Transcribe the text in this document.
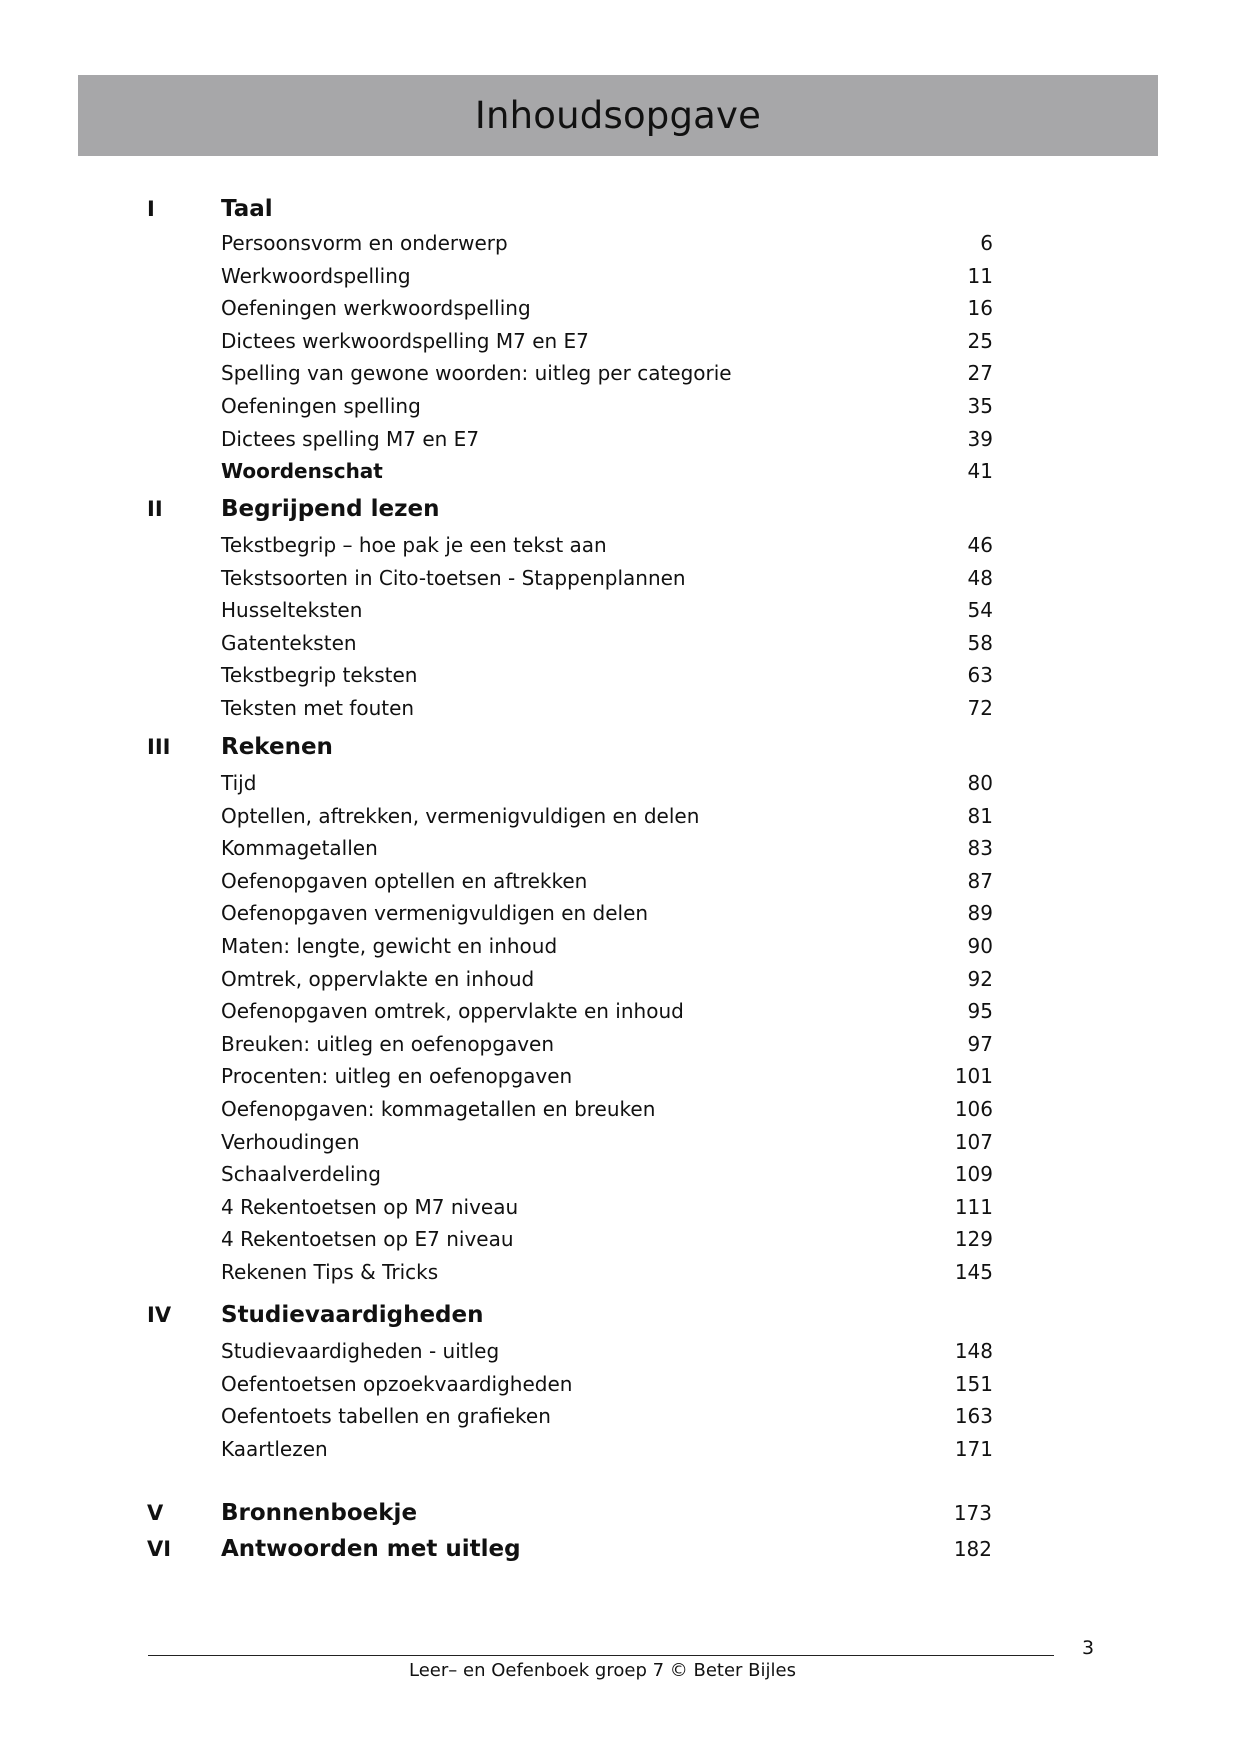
Inhoudsopgave
I	Taal
Persoonsvorm en onderwerp	6
Werkwoordspelling	11
Oefeningen werkwoordspelling	16
Dictees werkwoordspelling M7 en E7	25
Spelling van gewone woorden: uitleg per categorie	27
Oefeningen spelling	35
Dictees spelling M7 en E7	39
Woordenschat	41
II	Begrijpend lezen
Tekstbegrip – hoe pak je een tekst aan	46
Tekstsoorten in Cito-toetsen - Stappenplannen	48
Husselteksten	54
Gatenteksten	58
Tekstbegrip teksten	63
Teksten met fouten	72
III Rekenen
Tijd	80
Optellen, aftrekken, vermenigvuldigen en delen	81
Kommagetallen	83
Oefenopgaven optellen en aftrekken	87
Oefenopgaven vermenigvuldigen en delen	89
Maten: lengte, gewicht en inhoud	90
Omtrek, oppervlakte en inhoud	92
Oefenopgaven omtrek, oppervlakte en inhoud	95
Breuken: uitleg en oefenopgaven	97
Procenten: uitleg en oefenopgaven	101
Oefenopgaven: kommagetallen en breuken	106
Verhoudingen	107
Schaalverdeling	109
4 Rekentoetsen op M7 niveau	111
4 Rekentoetsen op E7 niveau	129
Rekenen Tips & Tricks	145
IV Studievaardigheden
Studievaardigheden - uitleg	148
Oefentoetsen opzoekvaardigheden	151
Oefentoets tabellen en grafieken	163
Kaartlezen	171
V	Bronnenboekje	173
VI Antwoorden met uitleg	182
3
Leer– en Oefenboek groep 7 © Beter Bijles
